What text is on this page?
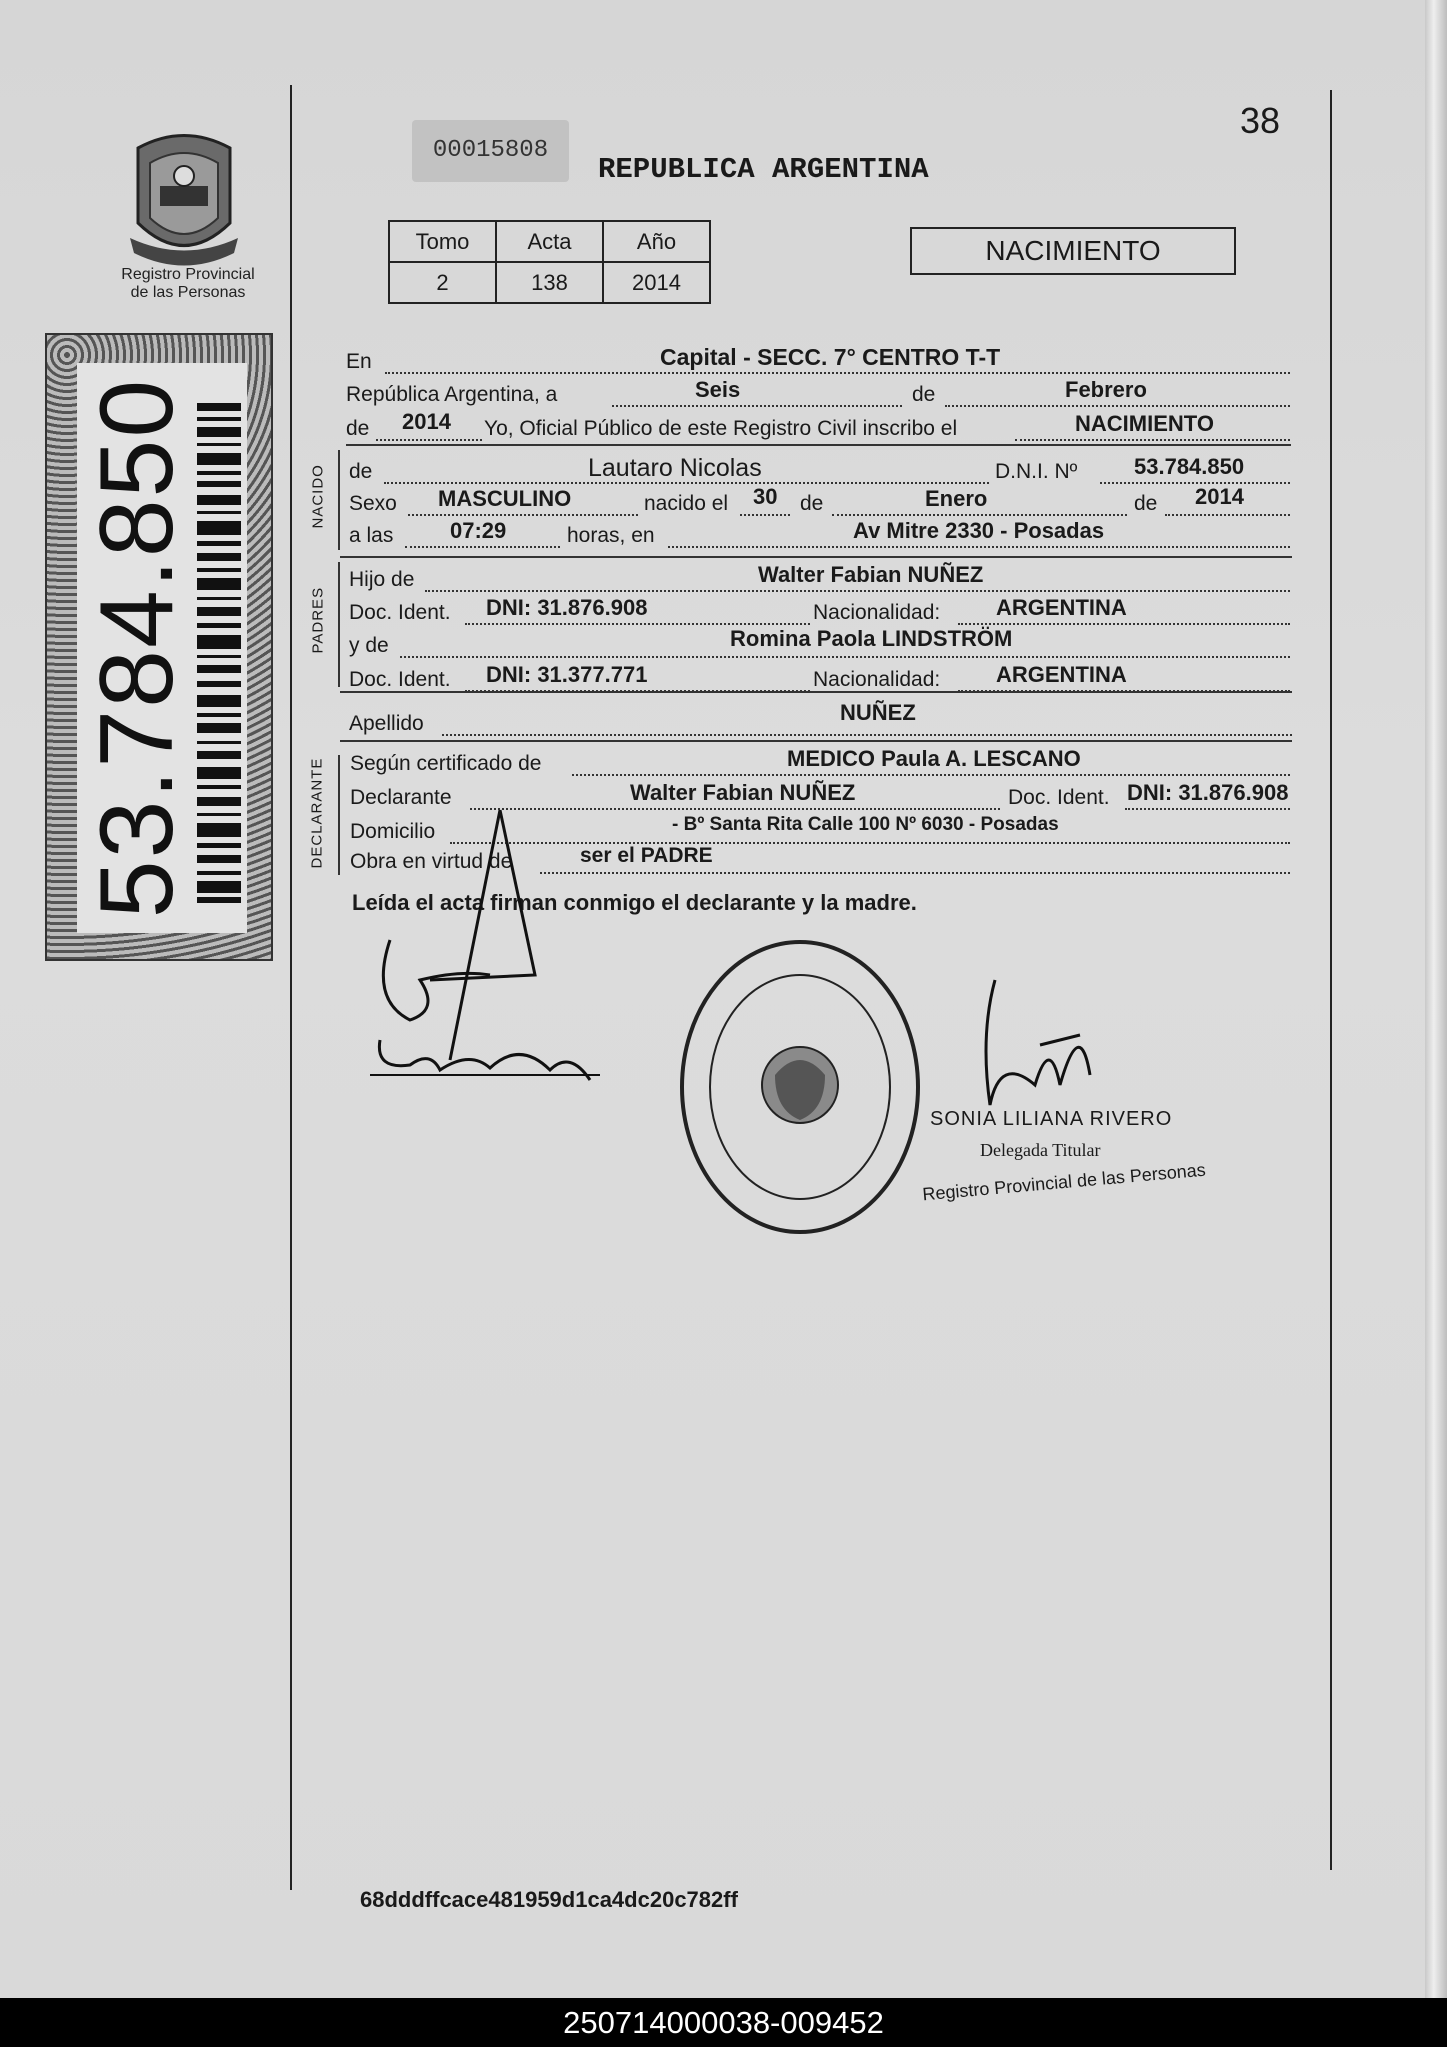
Registro Provincial
de las Personas
53.784.850
00015808
REPUBLICA ARGENTINA
38
Tomo	Acta	Año
2	138	2014
NACIMIENTO
En	Capital - SECC. 7° CENTRO T-T
República Argentina, a	Seis	de	Febrero
de 2014 Yo, Oficial Público de este Registro Civil inscribo el	NACIMIENTO
NACIDO de	Lautaro Nicolas	D.N.I. Nº	53.784.850
Sexo MASCULINO	nacido el 30 de	Enero	de 2014
a las	07:29	horas, en	Av Mitre 2330 - Posadas
PADRES
Hijo de	Walter Fabian NUÑEZ
Doc. Ident. DNI: 31.876.908	Nacionalidad:	ARGENTINA
y de	Romina Paola LINDSTRÖM
Doc. Ident. DNI: 31.377.771	Nacionalidad:	ARGENTINA
Apellido	NUÑEZ
DECLARANTE Según certificado de	MEDICO Paula A. LESCANO
Declarante	Walter Fabian NUÑEZ	Doc. Ident. DNI: 31.876.908
Domicilio	- Bº Santa Rita Calle 100 Nº 6030 - Posadas
Obra en virtud de	ser el PADRE
Leída el acta firman conmigo el declarante y la madre.
SONIA LILIANA RIVERO
Delegada Titular
Registro Provincial de las Personas
68dddffcace481959d1ca4dc20c782ff
250714000038-009452
